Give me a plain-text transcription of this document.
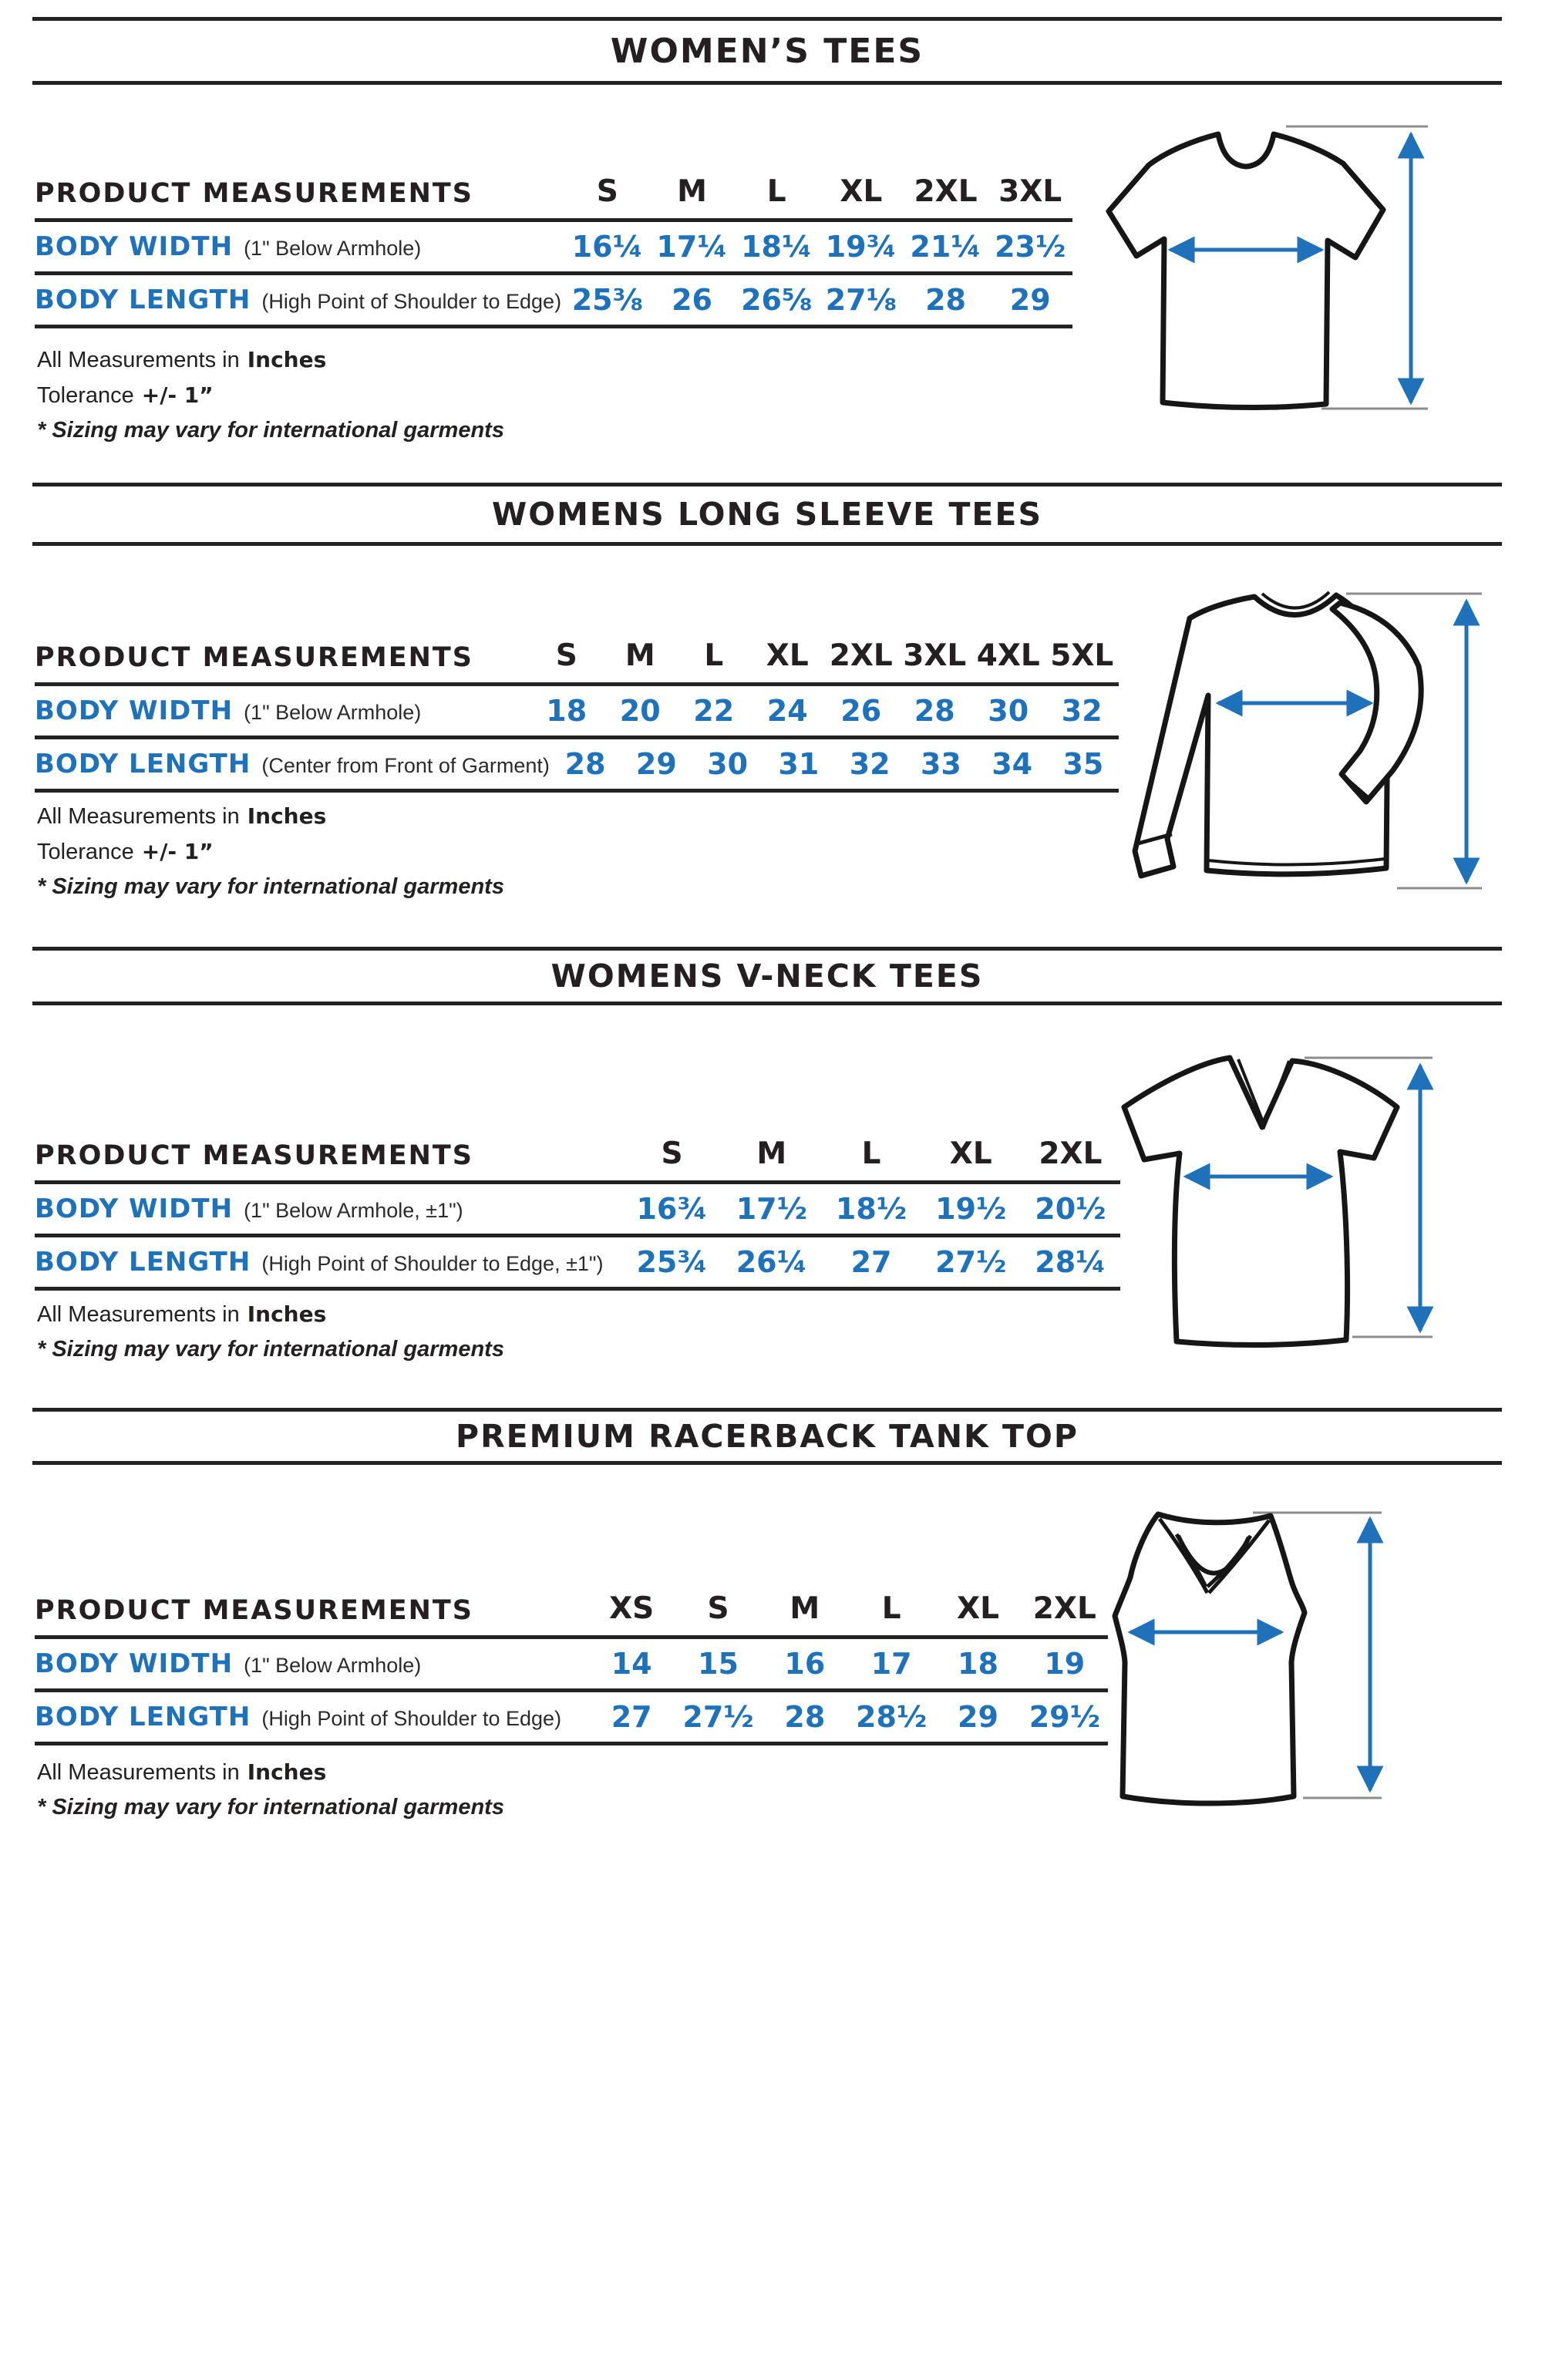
WOMEN’S TEES
PRODUCT MEASUREMENTS	S	M	L	XL	2XL 3XL
BODY WIDTH (1" Below Armhole)	16¼ 17¼ 18¼ 19¾ 21¼ 23½
BODY LENGTH (High Point of Shoulder to Edge) 25⅜ 26 26⅝ 27⅛ 28	29
All Measurements in Inches
Tolerance +/- 1”
* Sizing may vary for international garments
WOMENS LONG SLEEVE TEES
PRODUCT MEASUREMENTS	S	M	L	XL 2XL 3XL 4XL 5XL
BODY WIDTH (1" Below Armhole)	18	20	22	24	26	28	30	32
BODY LENGTH (Center from Front of Garment) 28	29	30	31	32	33	34	35
All Measurements in Inches
Tolerance +/- 1”
* Sizing may vary for international garments
WOMENS V-NECK TEES
PRODUCT MEASUREMENTS	S	M	L	XL	2XL
BODY WIDTH (1" Below Armhole, ±1")	16¾ 17½ 18½ 19½ 20½
BODY LENGTH (High Point of Shoulder to Edge, ±1")	25¾ 26¼	27	27½ 28¼
All Measurements in Inches
* Sizing may vary for international garments
PREMIUM RACERBACK TANK TOP
PRODUCT MEASUREMENTS	XS	S	M	L	XL	2XL
BODY WIDTH (1" Below Armhole)	14	15	16	17	18	19
BODY LENGTH (High Point of Shoulder to Edge)	27	27½	28	28½	29	29½
All Measurements in Inches
* Sizing may vary for international garments
